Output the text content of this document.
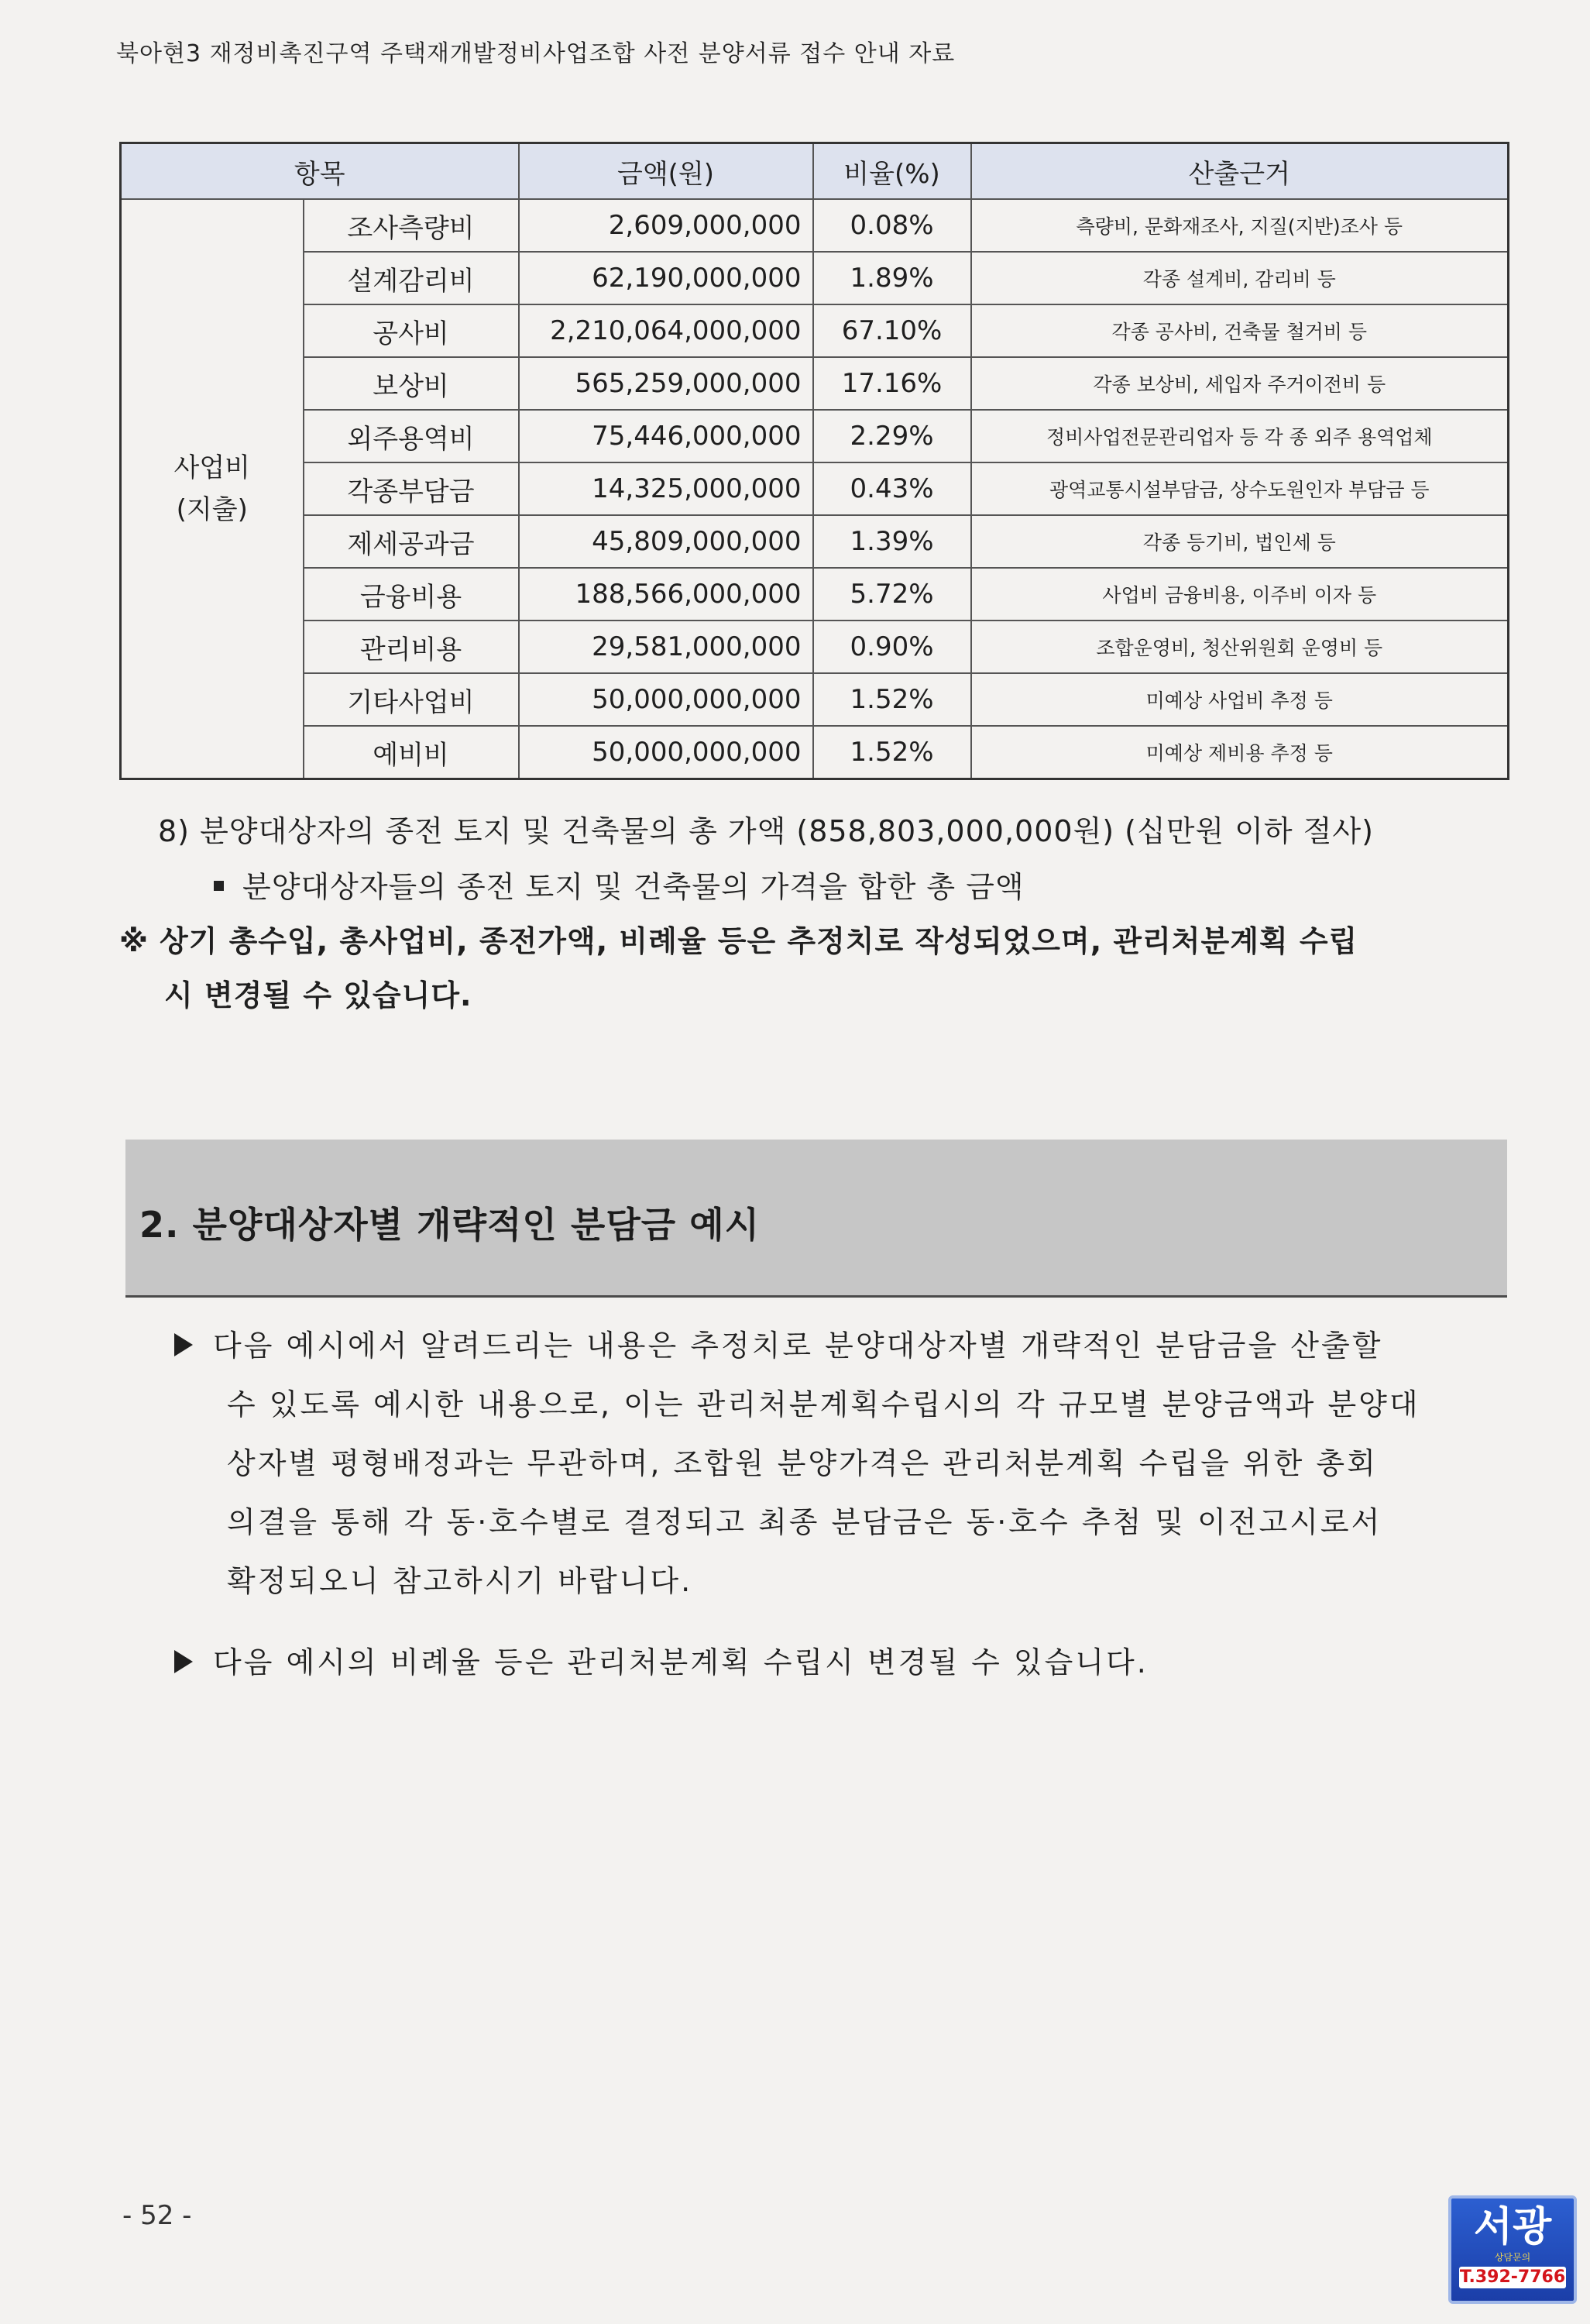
북아현3 재정비촉진구역 주택재개발정비사업조합 사전 분양서류 접수 안내 자료
항목		금액(원)	비율(%)	산출근거
사업비
(지출)	조사측량비	2,609,000,000	0.08%	측량비, 문화재조사, 지질(지반)조사 등
	설계감리비	62,190,000,000	1.89%	각종 설계비, 감리비 등
	공사비	2,210,064,000,000	67.10%	각종 공사비, 건축물 철거비 등
	보상비	565,259,000,000	17.16%	각종 보상비, 세입자 주거이전비 등
	외주용역비	75,446,000,000	2.29%	정비사업전문관리업자 등 각 종 외주 용역업체
	각종부담금	14,325,000,000	0.43%	광역교통시설부담금, 상수도원인자 부담금 등
	제세공과금	45,809,000,000	1.39%	각종 등기비, 법인세 등
	금융비용	188,566,000,000	5.72%	사업비 금융비용, 이주비 이자 등
	관리비용	29,581,000,000	0.90%	조합운영비, 청산위원회 운영비 등
	기타사업비	50,000,000,000	1.52%	미예상 사업비 추정 등
	예비비	50,000,000,000	1.52%	미예상 제비용 추정 등
8) 분양대상자의 종전 토지 및 건축물의 총 가액 (858,803,000,000원) (십만원 이하 절사)
분양대상자들의 종전 토지 및 건축물의 가격을 합한 총 금액
※ 상기 총수입, 총사업비, 종전가액, 비례율 등은 추정치로 작성되었으며, 관리처분계획 수립
시 변경될 수 있습니다.
2. 분양대상자별 개략적인 분담금 예시
다음 예시에서 알려드리는 내용은 추정치로 분양대상자별 개략적인 분담금을 산출할
수 있도록 예시한 내용으로, 이는 관리처분계획수립시의 각 규모별 분양금액과 분양대
상자별 평형배정과는 무관하며, 조합원 분양가격은 관리처분계획 수립을 위한 총회
의결을 통해 각 동·호수별로 결정되고 최종 분담금은 동·호수 추첨 및 이전고시로서
확정되오니 참고하시기 바랍니다.
다음 예시의 비례율 등은 관리처분계획 수립시 변경될 수 있습니다.
- 52 -	서광
상담문의
T.392-7766
